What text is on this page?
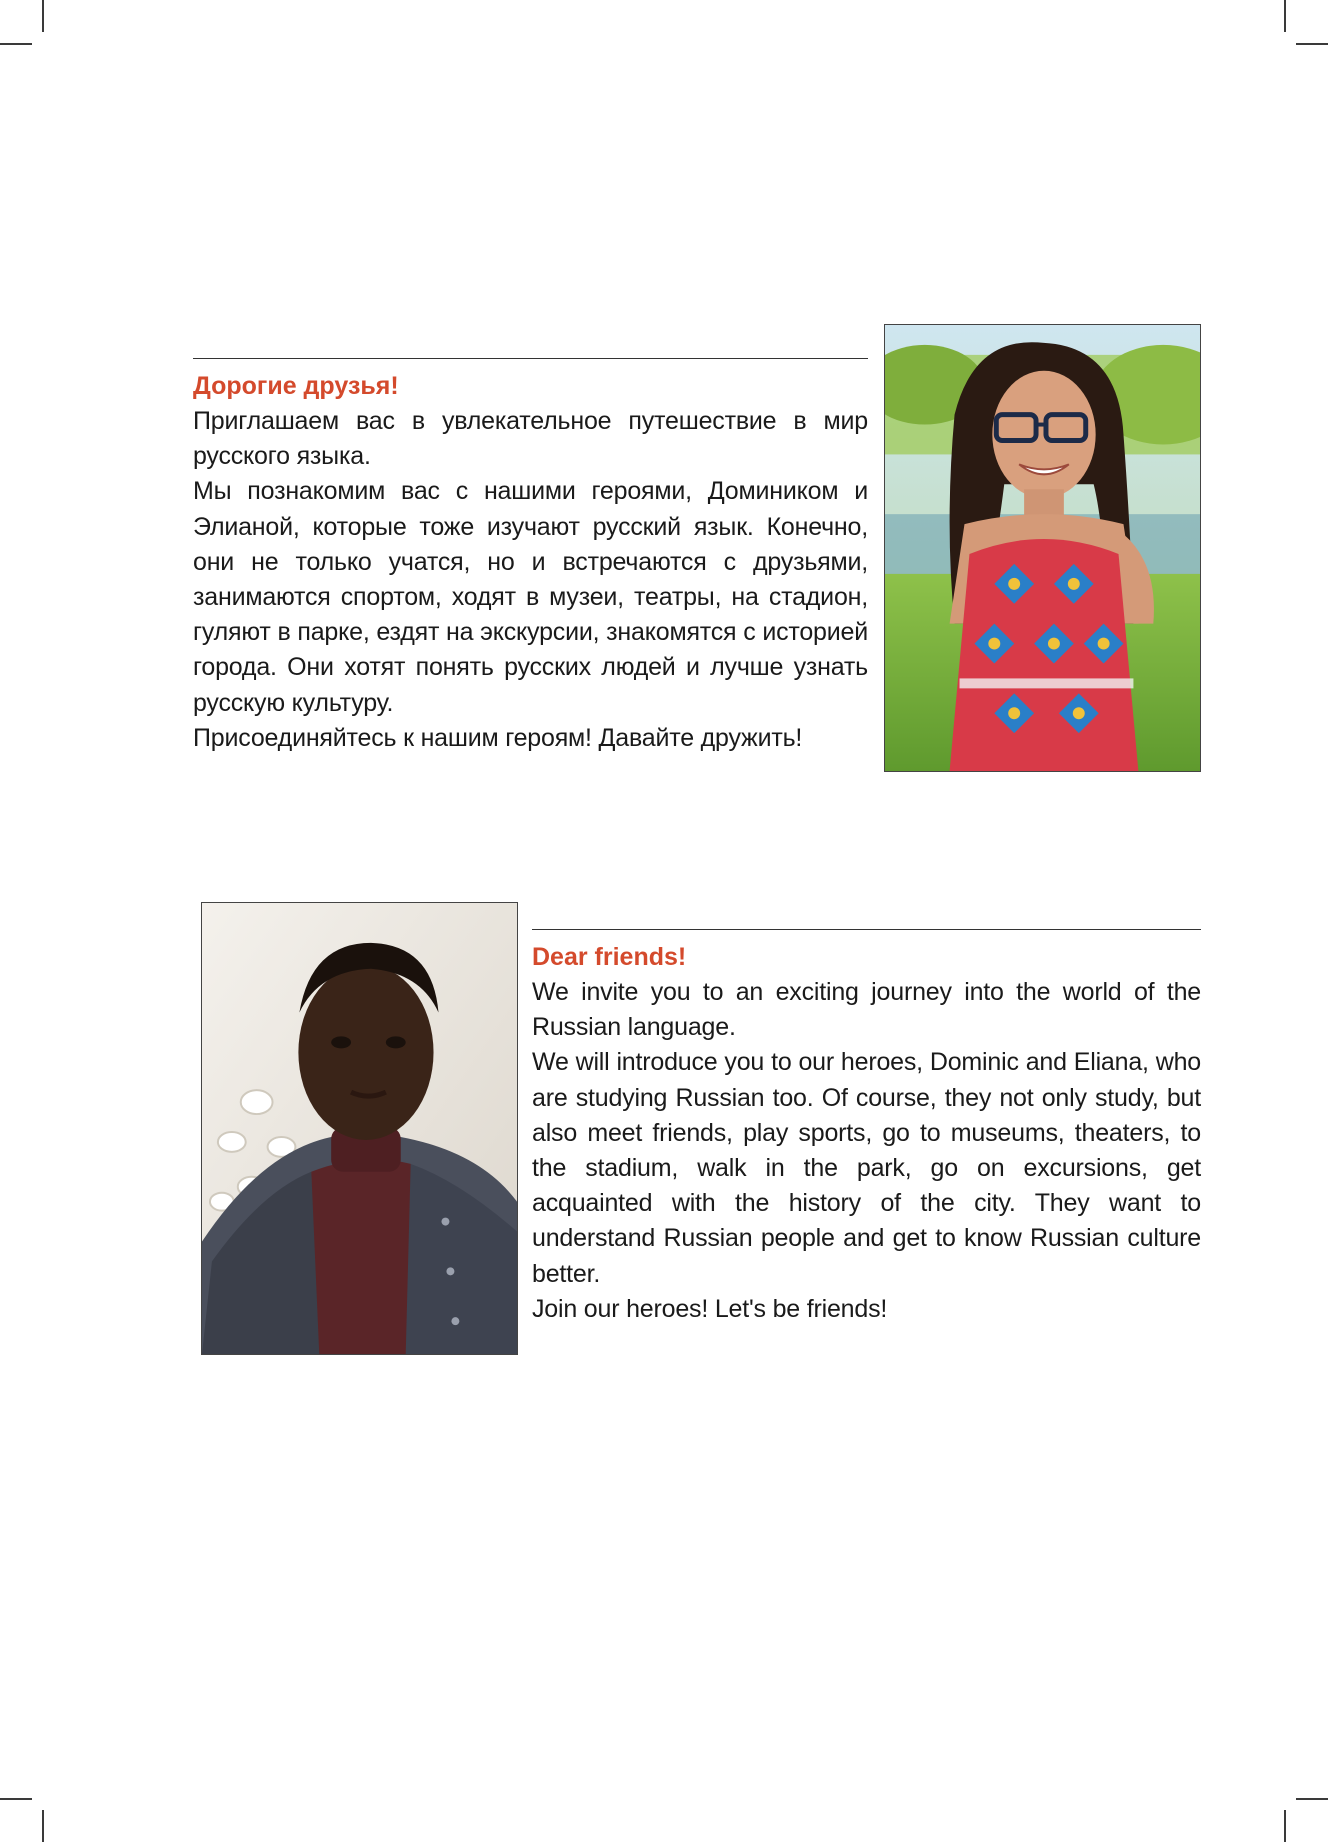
Дорогие друзья!

Приглашаем вас в увлекательное путешествие в мир русского языка.

Мы познакомим вас с нашими героями, Домиником и Элианой, которые тоже изучают русский язык. Конечно, они не только учатся, но и встречаются с друзьями, занимаются спортом, ходят в музеи, театры, на стадион, гуляют в парке, ездят на экскурсии, знакомятся с историей города. Они хотят понять русских людей и лучше узнать русскую культуру.

Присоединяйтесь к нашим героям! Давайте дружить!

Dear friends!

We invite you to an exciting journey into the world of the Russian language.

We will introduce you to our heroes, Dominic and Eliana, who are studying Russian too. Of course, they not only study, but also meet friends, play sports, go to museums, theaters, to the stadium, walk in the park, go on excursions, get acquainted with the history of the city. They want to understand Russian people and get to know Russian culture better.

Join our heroes! Let's be friends!
